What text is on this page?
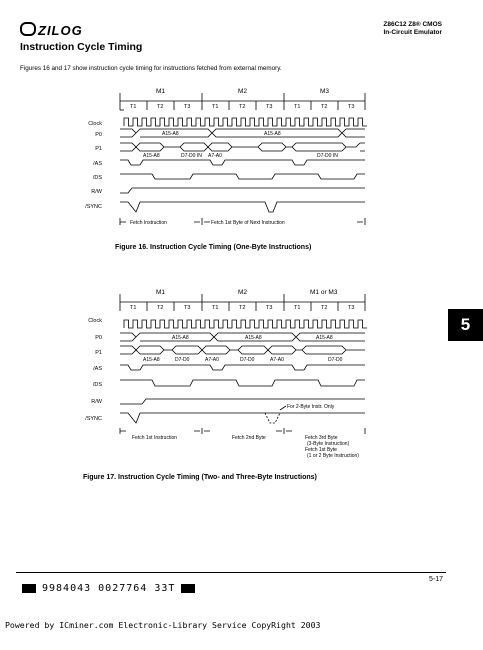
ZILOG	Z86C12 Z8® CMOS
In-Circuit Emulator
Instruction Cycle Timing
Figures 16 and 17 show instruction cycle timing for instructions fetched from external memory.
M1	M2	M3
T1	T2	T3	T1	T2	T3	T1	T2	T3
Clock
P0
P1
/AS
/DS
R/W
/SYNC
A15-A8	A15-A8
A15-A8	D7-D0 IN A7-A0	D7-D0 IN
Fetch Instruction	Fetch 1st Byte of Next Instruction
Figure 16. Instruction Cycle Timing (One-Byte Instructions)
M1	M2	M1 or M3
T1	T2	T3	T1	T2	T3	T1	T2	T3
Clock
P0
P1
/AS
/DS
R/W
/SYNC
A15-A8	A15-A8	A15-A8
A15-A8	D7-D0	A7-A0	D7-D0	A7-A0	D7-D0
For 2-Byte Instr. Only
Fetch 1st Instruction	Fetch 2nd Byte	Fetch 3rd Byte
(3-Byte Instruction)
Fetch 1st Byte
(1 or 2 Byte Instruction)
Figure 17. Instruction Cycle Timing (Two- and Three-Byte Instructions)
5
5-17
9984043 0027764 33T
Powered by ICminer.com Electronic-Library Service CopyRight 2003
